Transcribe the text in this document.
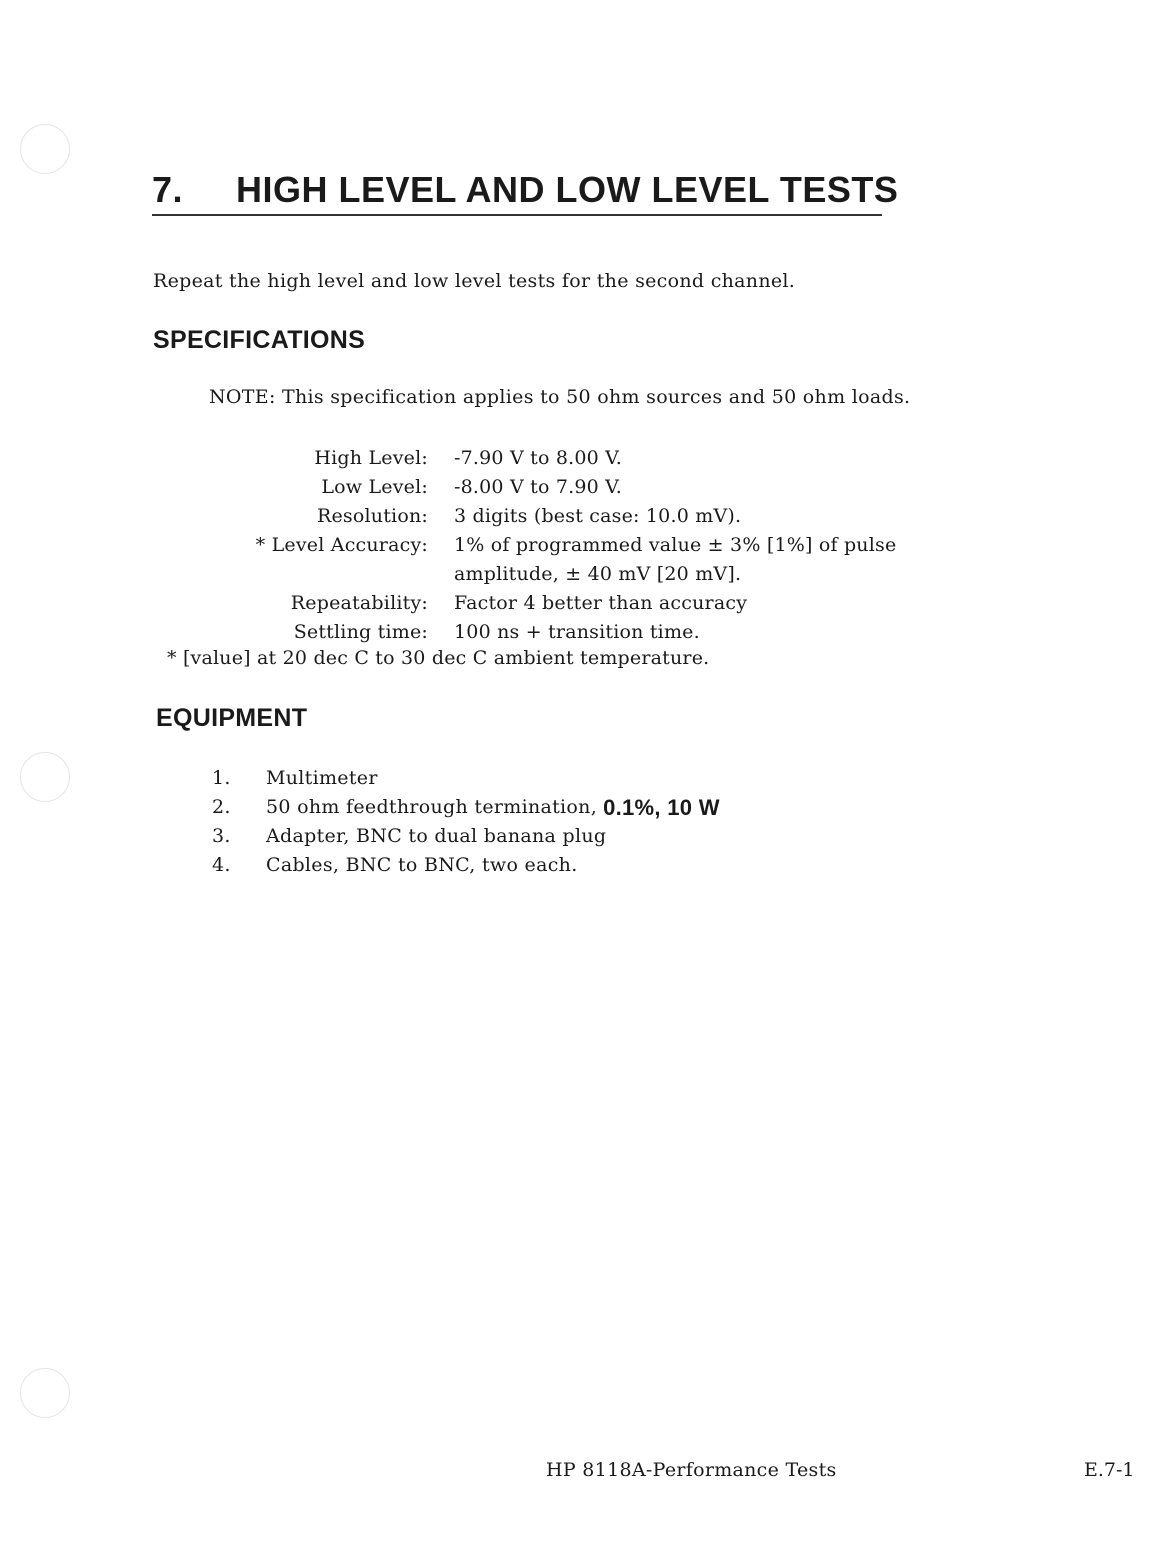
7. HIGH LEVEL AND LOW LEVEL TESTS
Repeat the high level and low level tests for the second channel.
SPECIFICATIONS
NOTE: This specification applies to 50 ohm sources and 50 ohm loads.
High Level: -7.90 V to 8.00 V.
Low Level: -8.00 V to 7.90 V.
Resolution: 3 digits (best case: 10.0 mV).
* Level Accuracy: 1% of programmed value ± 3% [1%] of pulse
amplitude, ± 40 mV [20 mV].
Repeatability: Factor 4 better than accuracy
Settling time: 100 ns + transition time.
* [value] at 20 dec C to 30 dec C ambient temperature.
EQUIPMENT
1.	Multimeter
2.	50 ohm feedthrough termination, 0.1%, 10 W
3.	Adapter, BNC to dual banana plug
4.	Cables, BNC to BNC, two each.
HP 8118A-Performance Tests	E.7-1
